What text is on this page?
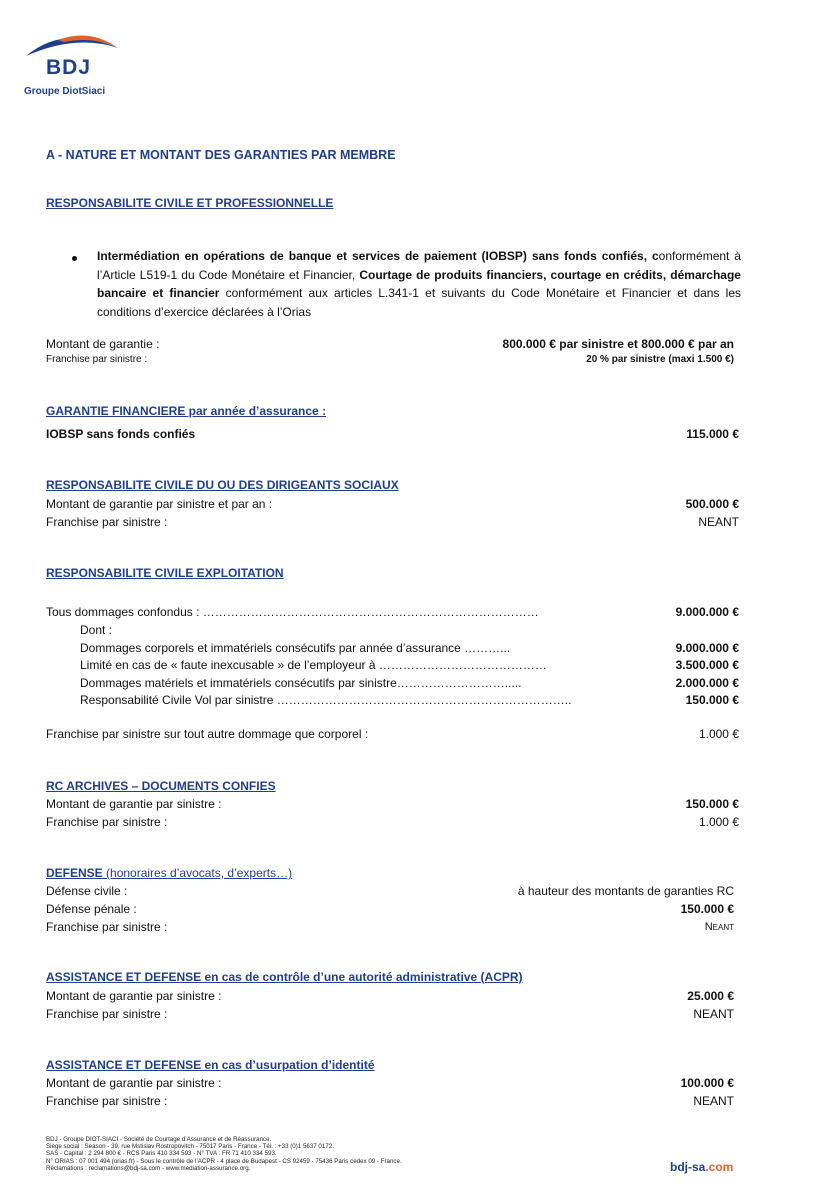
BDJ
Groupe DiotSiaci
A - NATURE ET MONTANT DES GARANTIES PAR MEMBRE
RESPONSABILITE CIVILE ET PROFESSIONNELLE
Intermédiation en opérations de banque et services de paiement (IOBSP) sans fonds confiés, conformément à l’Article L519-1 du Code Monétaire et Financier, Courtage de produits financiers, courtage en crédits, démarchage bancaire et financier conformément aux articles L.341-1 et suivants du Code Monétaire et Financier et dans les conditions d’exercice déclarées à l’Orias
Montant de garantie :	800.000 € par sinistre et 800.000 € par an
Franchise par sinistre :	20 % par sinistre (maxi 1.500 €)
GARANTIE FINANCIERE par année d’assurance :
IOBSP sans fonds confiés	115.000 €
RESPONSABILITE CIVILE DU OU DES DIRIGEANTS SOCIAUX
Montant de garantie par sinistre et par an :	500.000 €
Franchise par sinistre :	NEANT
RESPONSABILITE CIVILE EXPLOITATION
Tous dommages confondus : …………………………………………………………………………	9.000.000 €
Dont :
Dommages corporels et immatériels consécutifs par année d’assurance ………...	9.000.000 €
Limité en cas de « faute inexcusable » de l’employeur à ……………………………………	3.500.000 €
Dommages matériels et immatériels consécutifs par sinistre……………………….....	2.000.000 €
Responsabilité Civile Vol par sinistre ………………………………………………………………..	150.000 €
Franchise par sinistre sur tout autre dommage que corporel :	1.000 €
RC ARCHIVES – DOCUMENTS CONFIES
Montant de garantie par sinistre :	150.000 €
Franchise par sinistre :	1.000 €
DEFENSE (honoraires d’avocats, d’experts…)
Défense civile :	à hauteur des montants de garanties RC
Défense pénale :	150.000 €
Franchise par sinistre :	Neant
ASSISTANCE ET DEFENSE en cas de contrôle d’une autorité administrative (ACPR)
Montant de garantie par sinistre :	25.000 €
Franchise par sinistre :	NEANT
ASSISTANCE ET DEFENSE en cas d’usurpation d’identité
Montant de garantie par sinistre :	100.000 €
Franchise par sinistre :	NEANT
BDJ - Groupe DIOT-SIACI - Société de Courtage d’Assurance et de Réassurance.
Siège social : Season - 39, rue Mstislav Rostropovitch - 75017 Paris - France - Tél. : +33 (0)1 5637 0172.
SAS - Capital : 2 294 800 € - RCS Paris 410 334 593 - N° TVA : FR 71 410 334 593.
N° ORIAS : 07 001 494 (orias.fr) - Sous le contrôle de l’ACPR - 4 place de Budapest - CS 92459 - 75436 Paris cedex 09 - France.
Réclamations : reclamations@bdj-sa.com - www.mediation-assurance.org.	bdj-sa.com
